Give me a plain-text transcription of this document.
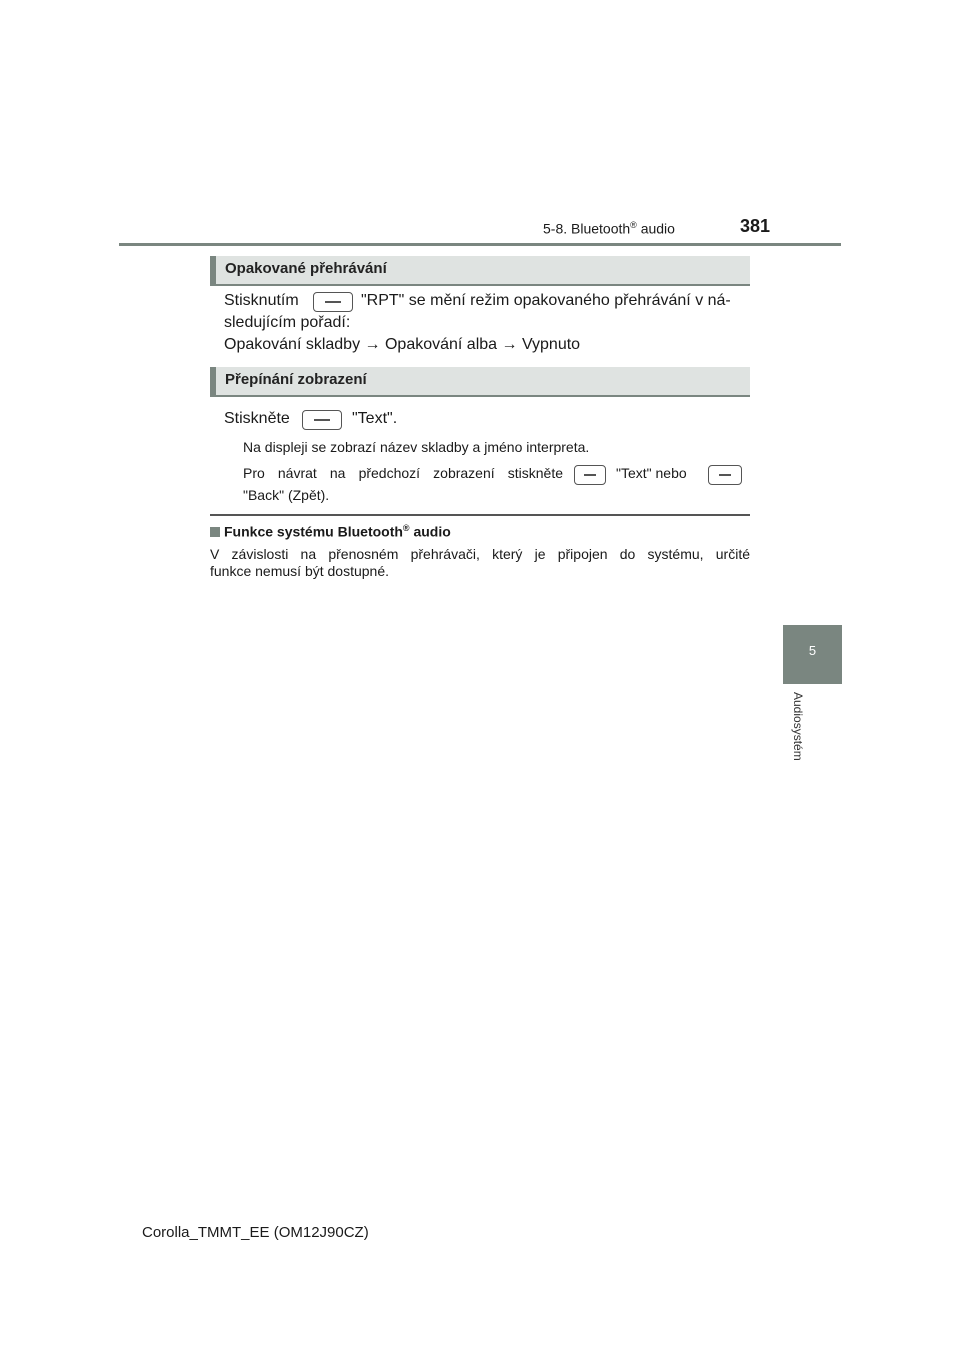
5-8. Bluetooth® audio	381
5
Audiosystém
Opakované přehrávání
Stisknutím	"RPT" se mění režim opakovaného přehrávání v ná-
sledujícím pořadí:
Opakování skladby → Opakování alba → Vypnuto
Přepínání zobrazení
Stiskněte	"Text".
Na displeji se zobrazí název skladby a jméno interpreta.
Pro návrat na předchozí zobrazení stiskněte	"Text" nebo
"Back" (Zpět).
Funkce systému Bluetooth® audio
V závislosti na přenosném přehrávači, který je připojen do systému, určité
funkce nemusí být dostupné.
Corolla_TMMT_EE (OM12J90CZ)
